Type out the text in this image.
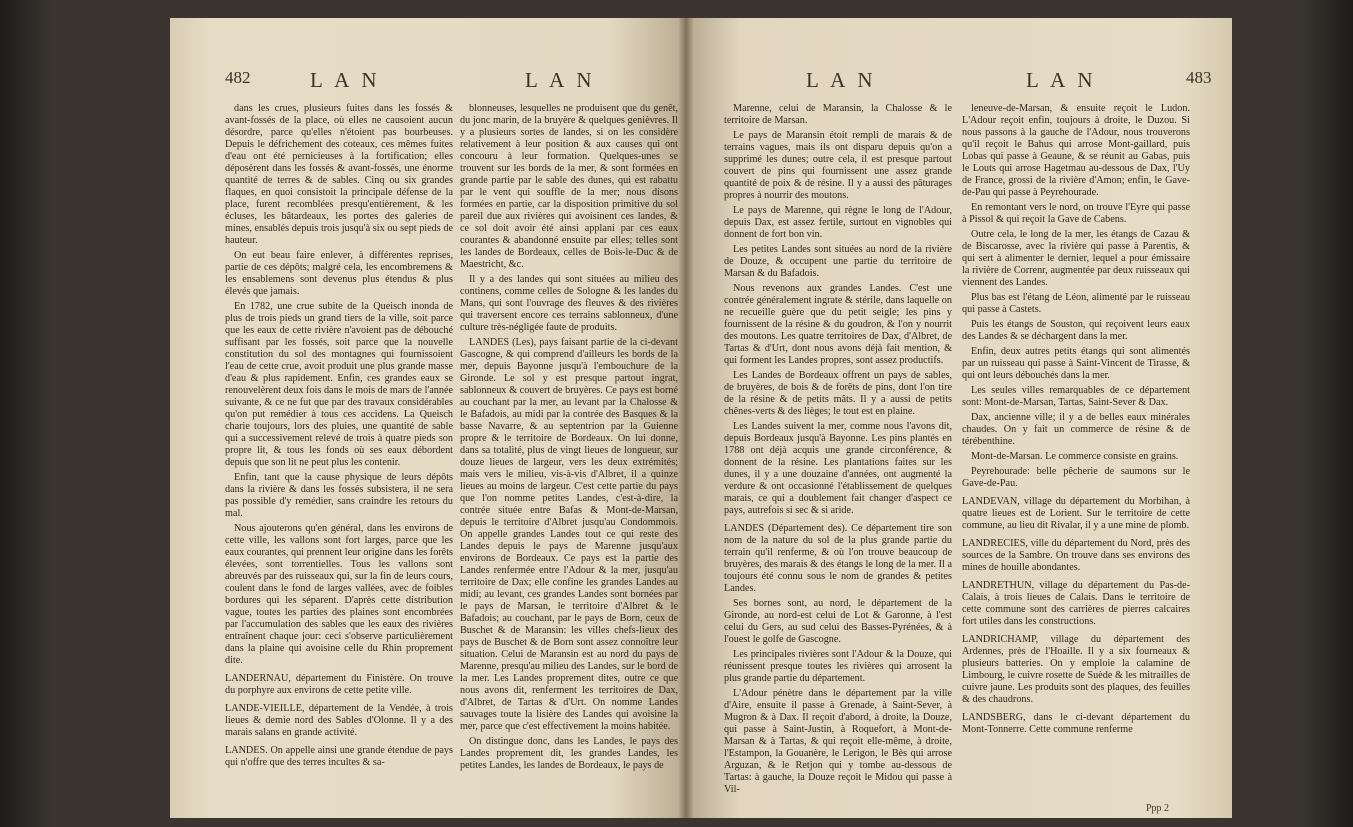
482	L A N	L A N

dans les crues, plusieurs fuites dans les fossés & avant-fossés de la place, où elles ne causoient aucun désordre, parce qu'elles n'étoient pas bourbeuses. Depuis le défrichement des coteaux, ces mêmes fuites d'eau ont été pernicieuses à la fortification; elles déposèrent dans les fossés & avant-fossés, une énorme quantité de terres & de sables. Cinq ou six grandes flaques, en quoi consistoit la principale défense de la place, furent recomblées presqu'entièrement, & les écluses, les bâtardeaux, les portes des galeries de mines, ensablés depuis trois jusqu'à six ou sept pieds de hauteur.

On eut beau faire enlever, à différentes reprises, partie de ces dépôts; malgré cela, les encombremens & les ensablemens sont devenus plus étendus & plus élevés que jamais.

En 1782, une crue subite de la Queisch inonda de plus de trois pieds un grand tiers de la ville, soit parce que les eaux de cette rivière n'avoient pas de débouché suffisant par les fossés, soit parce que la nouvelle constitution du sol des montagnes qui fournissoient l'eau de cette crue, avoit produit une plus grande masse d'eau & plus rapidement. Enfin, ces grandes eaux se renouvelèrent deux fois dans le mois de mars de l'année suivante, & ce ne fut que par des travaux considérables qu'on put remédier à tous ces accidens. La Queisch charie toujours, lors des pluies, une quantité de sable qui a successivement relevé de trois à quatre pieds son propre lit, & tous les fonds où ses eaux débordent depuis que son lit ne peut plus les contenir.

Enfin, tant que la cause physique de leurs dépôts dans la rivière & dans les fossés subsistera, il ne sera pas possible d'y remédier, sans craindre les retours du mal.

Nous ajouterons qu'en général, dans les environs de cette ville, les vallons sont fort larges, parce que les eaux courantes, qui prennent leur origine dans les forêts élevées, sont torrentielles. Tous les vallons sont abreuvés par des ruisseaux qui, sur la fin de leurs cours, coulent dans le fond de larges vallées, avec de foibles bordures qui les séparent. D'après cette distribution vague, toutes les parties des plaines sont encombrées par l'accumulation des sables que les eaux des rivières entraînent chaque jour: ceci s'observe particulièrement dans la plaine qui avoisine celle du Rhin proprement dite.

LANDERNAU, département du Finistère. On trouve du porphyre aux environs de cette petite ville.

LANDE-VIEILLE, département de la Vendée, à trois lieues & demie nord des Sables d'Olonne. Il y a des marais salans en grande activité.

LANDES. On appelle ainsi une grande étendue de pays qui n'offre que des terres incultes & sa-

blonneuses, lesquelles ne produisent que du genêt, du jonc marin, de la bruyère & quelques genièvres. Il y a plusieurs sortes de landes, si on les considère relativement à leur position & aux causes qui ont concouru à leur formation. Quelques-unes se trouvent sur les bords de la mer, & sont formées en grande partie par le sable des dunes, qui est rabattu par le vent qui souffle de la mer; nous disons formées en partie, car la disposition primitive du sol pareil due aux rivières qui avoisinent ces landes, & ce sol doit avoir été ainsi applani par ces eaux courantes & abandonné ensuite par elles; telles sont les landes de Bordeaux, celles de Bois-le-Duc & de Maestricht, &c.

Il y a des landes qui sont situées au milieu des continens, comme celles de Sologne & les landes du Mans, qui sont l'ouvrage des fleuves & des rivières qui traversent encore ces terrains sablonneux, d'une culture très-négligée faute de produits.

LANDES (Les), pays faisant partie de la ci-devant Gascogne, & qui comprend d'ailleurs les bords de la mer, depuis Bayonne jusqu'à l'embouchure de la Gironde. Le sol y est presque partout ingrat, sablonneux & couvert de bruyères. Ce pays est borné au couchant par la mer, au levant par la Chalosse & le Bafadois, au midi par la contrée des Basques & la basse Navarre, & au septentrion par la Guienne propre & le territoire de Bordeaux. On lui donne, dans sa totalité, plus de vingt lieues de longueur, sur douze lieues de largeur, vers les deux extrémités; mais vers le milieu, vis-à-vis d'Albret, il a quinze lieues au moins de largeur. C'est cette partie du pays que l'on nomme petites Landes, c'est-à-dire, la contrée située entre Bafas & Mont-de-Marsan, depuis le territoire d'Albret jusqu'au Condommois. On appelle grandes Landes tout ce qui reste des Landes depuis le pays de Marenne jusqu'aux environs de Bordeaux. Ce pays est la partie des Landes renfermée entre l'Adour & la mer, jusqu'au territoire de Dax; elle confine les grandes Landes au midi; au levant, ces grandes Landes sont bornées par le pays de Marsan, le territoire d'Albret & le Bafadois; au couchant, par le pays de Born, ceux de Buschet & de Maransin: les villes chefs-lieux des pays de Buschet & de Born sont assez connoître leur situation. Celui de Maransin est au nord du pays de Marenne, presqu'au milieu des Landes, sur le bord de la mer. Les Landes proprement dites, outre ce que nous avons dit, renferment les territoires de Dax, d'Albret, de Tartas & d'Urt. On nomme Landes sauvages toute la lisière des Landes qui avoisine la mer, parce que c'est effectivement la moins habitée.

On distingue donc, dans les Landes, le pays des Landes proprement dit, les grandes Landes, les petites Landes, les landes de Bordeaux, le pays de

L A N	L A N	483

Marenne, celui de Maransin, la Chalosse & le territoire de Marsan.

Le pays de Maransin étoit rempli de marais & de terrains vagues, mais ils ont disparu depuis qu'on a supprimé les dunes; outre cela, il est presque partout couvert de pins qui fournissent une assez grande quantité de poix & de résine. Il y a aussi des pâturages propres à nourrir des moutons.

Le pays de Marenne, qui règne le long de l'Adour, depuis Dax, est assez fertile, surtout en vignobles qui donnent de fort bon vin.

Les petites Landes sont situées au nord de la rivière de Douze, & occupent une partie du territoire de Marsan & du Bafadois.

Nous revenons aux grandes Landes. C'est une contrée généralement ingrate & stérile, dans laquelle on ne recueille guère que du petit seigle; les pins y fournissent de la résine & du goudron, & l'on y nourrit des moutons. Les quatre territoires de Dax, d'Albret, de Tartas & d'Urt, dont nous avons déjà fait mention, & qui forment les Landes propres, sont assez productifs.

Les Landes de Bordeaux offrent un pays de sables, de bruyères, de bois & de forêts de pins, dont l'on tire de la résine & de petits mâts. Il y a aussi de petits chênes-verts & des lièges; le tout est en plaine.

Les Landes suivent la mer, comme nous l'avons dit, depuis Bordeaux jusqu'à Bayonne. Les pins plantés en 1788 ont déjà acquis une grande circonférence, & donnent de la résine. Les plantations faites sur les dunes, il y a une douzaine d'années, ont augmenté la verdure & ont occasionné l'établissement de quelques marais, ce qui a doublement fait changer d'aspect ce pays, autrefois si sec & si aride.

LANDES (Département des). Ce département tire son nom de la nature du sol de la plus grande partie du terrain qu'il renferme, & où l'on trouve beaucoup de bruyères, des marais & des étangs le long de la mer. Il a toujours été connu sous le nom de grandes & petites Landes.

Ses bornes sont, au nord, le département de la Gironde, au nord-est celui de Lot & Garonne, à l'est celui du Gers, au sud celui des Basses-Pyrénées, & à l'ouest le golfe de Gascogne.

Les principales rivières sont l'Adour & la Douze, qui réunissent presque toutes les rivières qui arrosent la plus grande partie du département.

L'Adour pénètre dans le département par la ville d'Aire, ensuite il passe à Grenade, à Saint-Sever, à Mugron & à Dax. Il reçoit d'abord, à droite, la Douze, qui passe à Saint-Justin, à Roquefort, à Mont-de-Marsan & à Tartas, & qui reçoit elle-même, à droite, l'Estampon, la Gouanère, le Lerigon, le Bès qui arrose Arguzan, & le Retjon qui y tombe au-dessous de Tartas: à gauche, la Douze reçoit le Midou qui passe à Vil-

leneuve-de-Marsan, & ensuite reçoit le Ludon. L'Adour reçoit enfin, toujours à droite, le Duzou. Si nous passons à la gauche de l'Adour, nous trouverons qu'il reçoit le Bahus qui arrose Mont-gaillard, puis Lobas qui passe à Geaune, & se réunit au Gabas, puis le Louts qui arrose Hagetmau au-dessous de Dax, l'Uy de France, grossi de la rivière d'Amon; enfin, le Gave-de-Pau qui passe à Peyrehourade.

En remontant vers le nord, on trouve l'Eyre qui passe à Pissol & qui reçoit la Gave de Cabens.

Outre cela, le long de la mer, les étangs de Cazau & de Biscarosse, avec la rivière qui passe à Parentis, & qui sert à alimenter le dernier, lequel a pour émissaire la rivière de Correnr, augmentée par deux ruisseaux qui viennent des Landes.

Plus bas est l'étang de Léon, alimenté par le ruisseau qui passe à Castets.

Puis les étangs de Souston, qui reçoivent leurs eaux des Landes & se déchargent dans la mer.

Enfin, deux autres petits étangs qui sont alimentés par un ruisseau qui passe à Saint-Vincent de Tirasse, & qui ont leurs débouchés dans la mer.

Les seules villes remarquables de ce département sont: Mont-de-Marsan, Tartas, Saint-Sever & Dax.

Dax, ancienne ville; il y a de belles eaux minérales chaudes. On y fait un commerce de résine & de térébenthine.

Mont-de-Marsan. Le commerce consiste en grains.

Peyrehourade: belle pêcherie de saumons sur le Gave-de-Pau.

LANDEVAN, village du département du Morbihan, à quatre lieues est de Lorient. Sur le territoire de cette commune, au lieu dit Rivalar, il y a une mine de plomb.

LANDRECIES, ville du département du Nord, près des sources de la Sambre. On trouve dans ses environs des mines de houille abondantes.

LANDRETHUN, village du département du Pas-de-Calais, à trois lieues de Calais. Dans le territoire de cette commune sont des carrières de pierres calcaires fort utiles dans les constructions.

LANDRICHAMP, village du département des Ardennes, près de l'Hoaille. Il y a six fourneaux & plusieurs batteries. On y emploie la calamine de Limbourg, le cuivre rosette de Suède & les mitrailles de cuivre jaune. Les produits sont des plaques, des feuilles & des chaudrons.

LANDSBERG, dans le ci-devant département du Mont-Tonnerre. Cette commune renferme

Ppp 2
